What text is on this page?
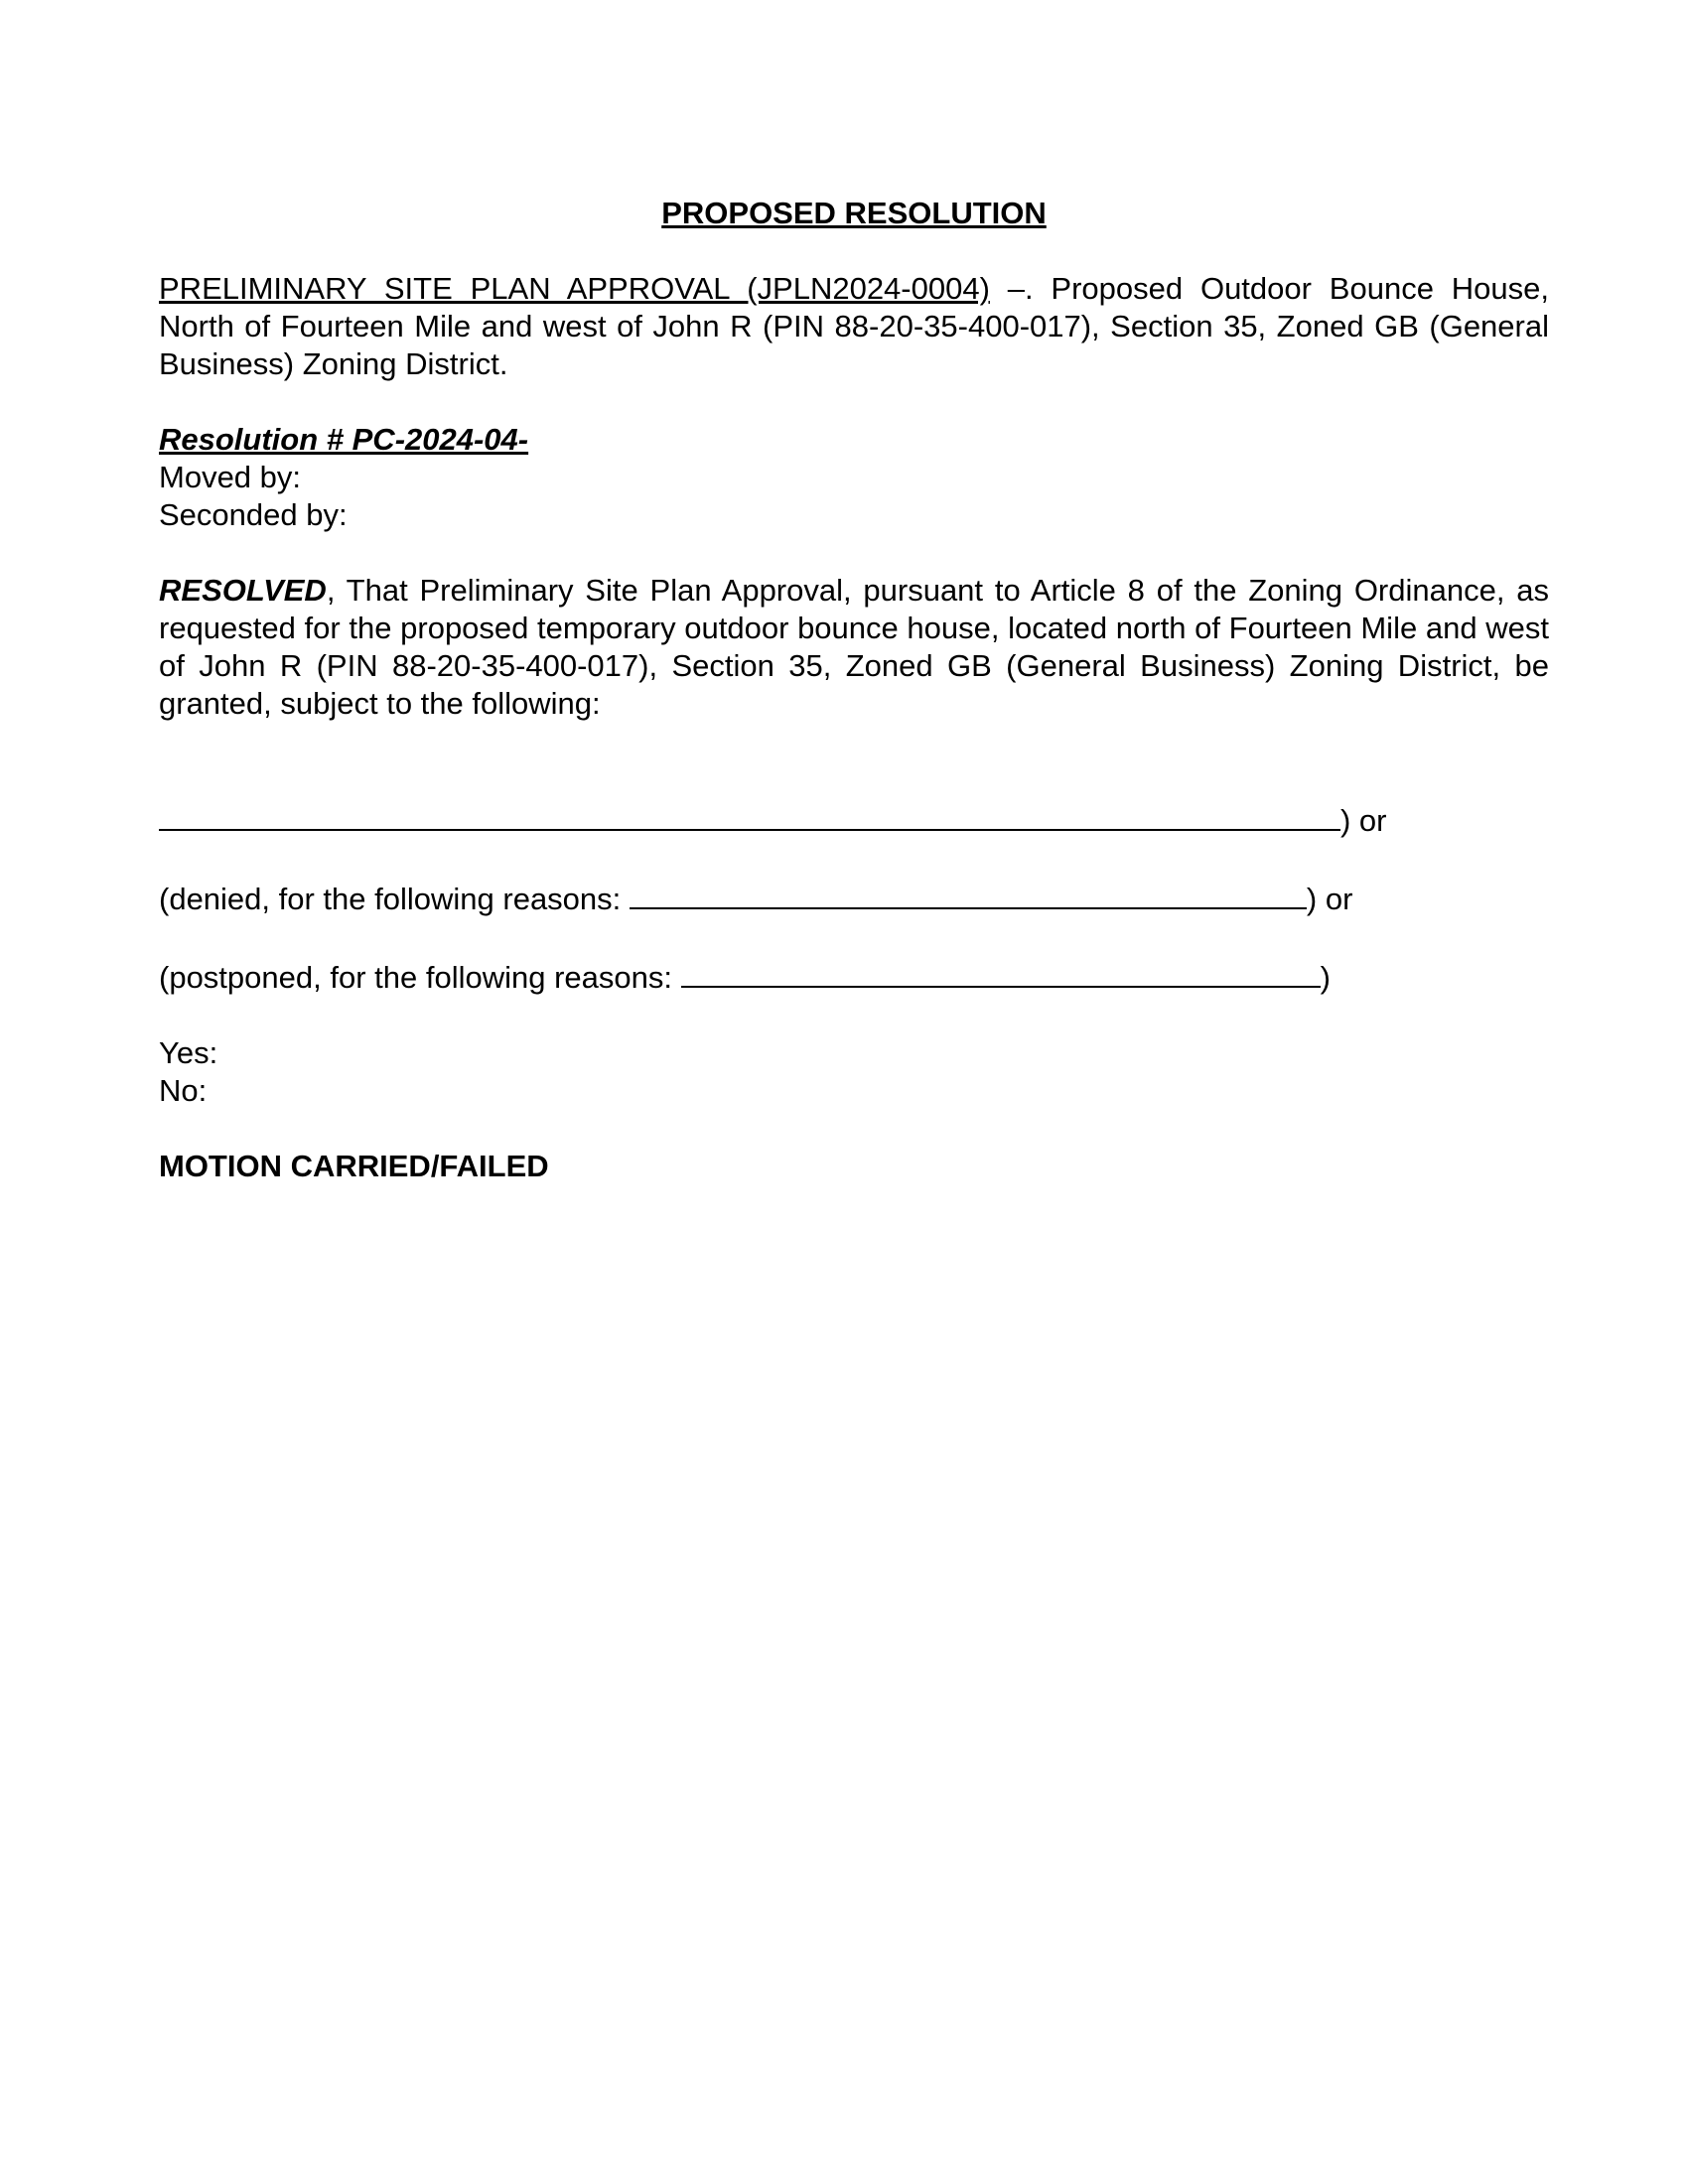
PROPOSED RESOLUTION

PRELIMINARY SITE PLAN APPROVAL (JPLN2024-0004) –. Proposed Outdoor Bounce House, North of Fourteen Mile and west of John R (PIN 88-20-35-400-017), Section 35, Zoned GB (General Business) Zoning District.

Resolution # PC-2024-04-

Moved by:

Seconded by:

RESOLVED, That Preliminary Site Plan Approval, pursuant to Article 8 of the Zoning Ordinance, as requested for the proposed temporary outdoor bounce house, located north of Fourteen Mile and west of John R (PIN 88-20-35-400-017), Section 35, Zoned GB (General Business) Zoning District, be granted, subject to the following:

) or

(denied, for the following reasons:	) or

(postponed, for the following reasons:	)

Yes:

No:

MOTION CARRIED/FAILED
